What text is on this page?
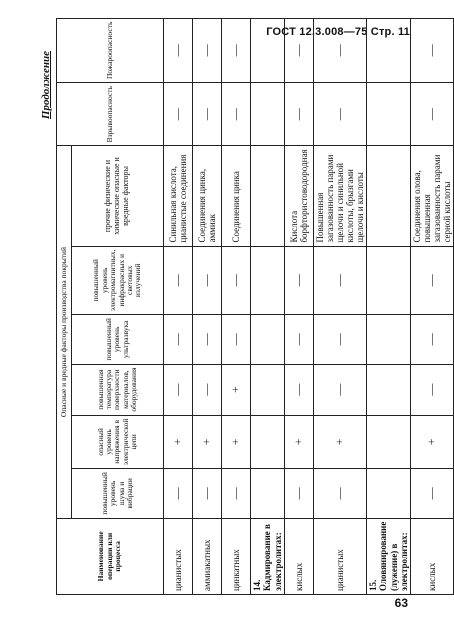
ГОСТ 12.3.008—75 Стр. 11
Продолжение
Наименование операции или процесса	Опасные и вредные факторы производства покрытий						Взрывоопасность	Пожароопасность
	повышенный уровень шума и вибрации	опасный уровень напряжения в электрической цепи	повышенная температура поверхности материалов, оборудования	повышенный уровень ультразвука	повышенный уровень электромагнитных, инфракрасных и световых излучений	прочие физические и химические опасные и вредные факторы		
цианистых	—	+	—	—	—	Синильная кислота, цианистые соединения	—	—
аммиакатных	—	+	—	—	—	Соединения цинка, аммиак	—	—
цинкатных	—	+	+	—	—	Соединения цинка	—	—
14. Кадмирование в электролитах:								
кислых	—	+	—	—	—	Кислота борфтористоводородная	—	—
цианистых	—	+	—	—	—	Повышенная загазованность парами щелочи и синильной кислоты, брызгами щелочи и кислоты	—	—
15. Оловянирование (лужение) в электролитах:								
кислых	—	+	—	—	—	Соединения олова, повышенная загазованность парами серной кислоты	—	—
63
